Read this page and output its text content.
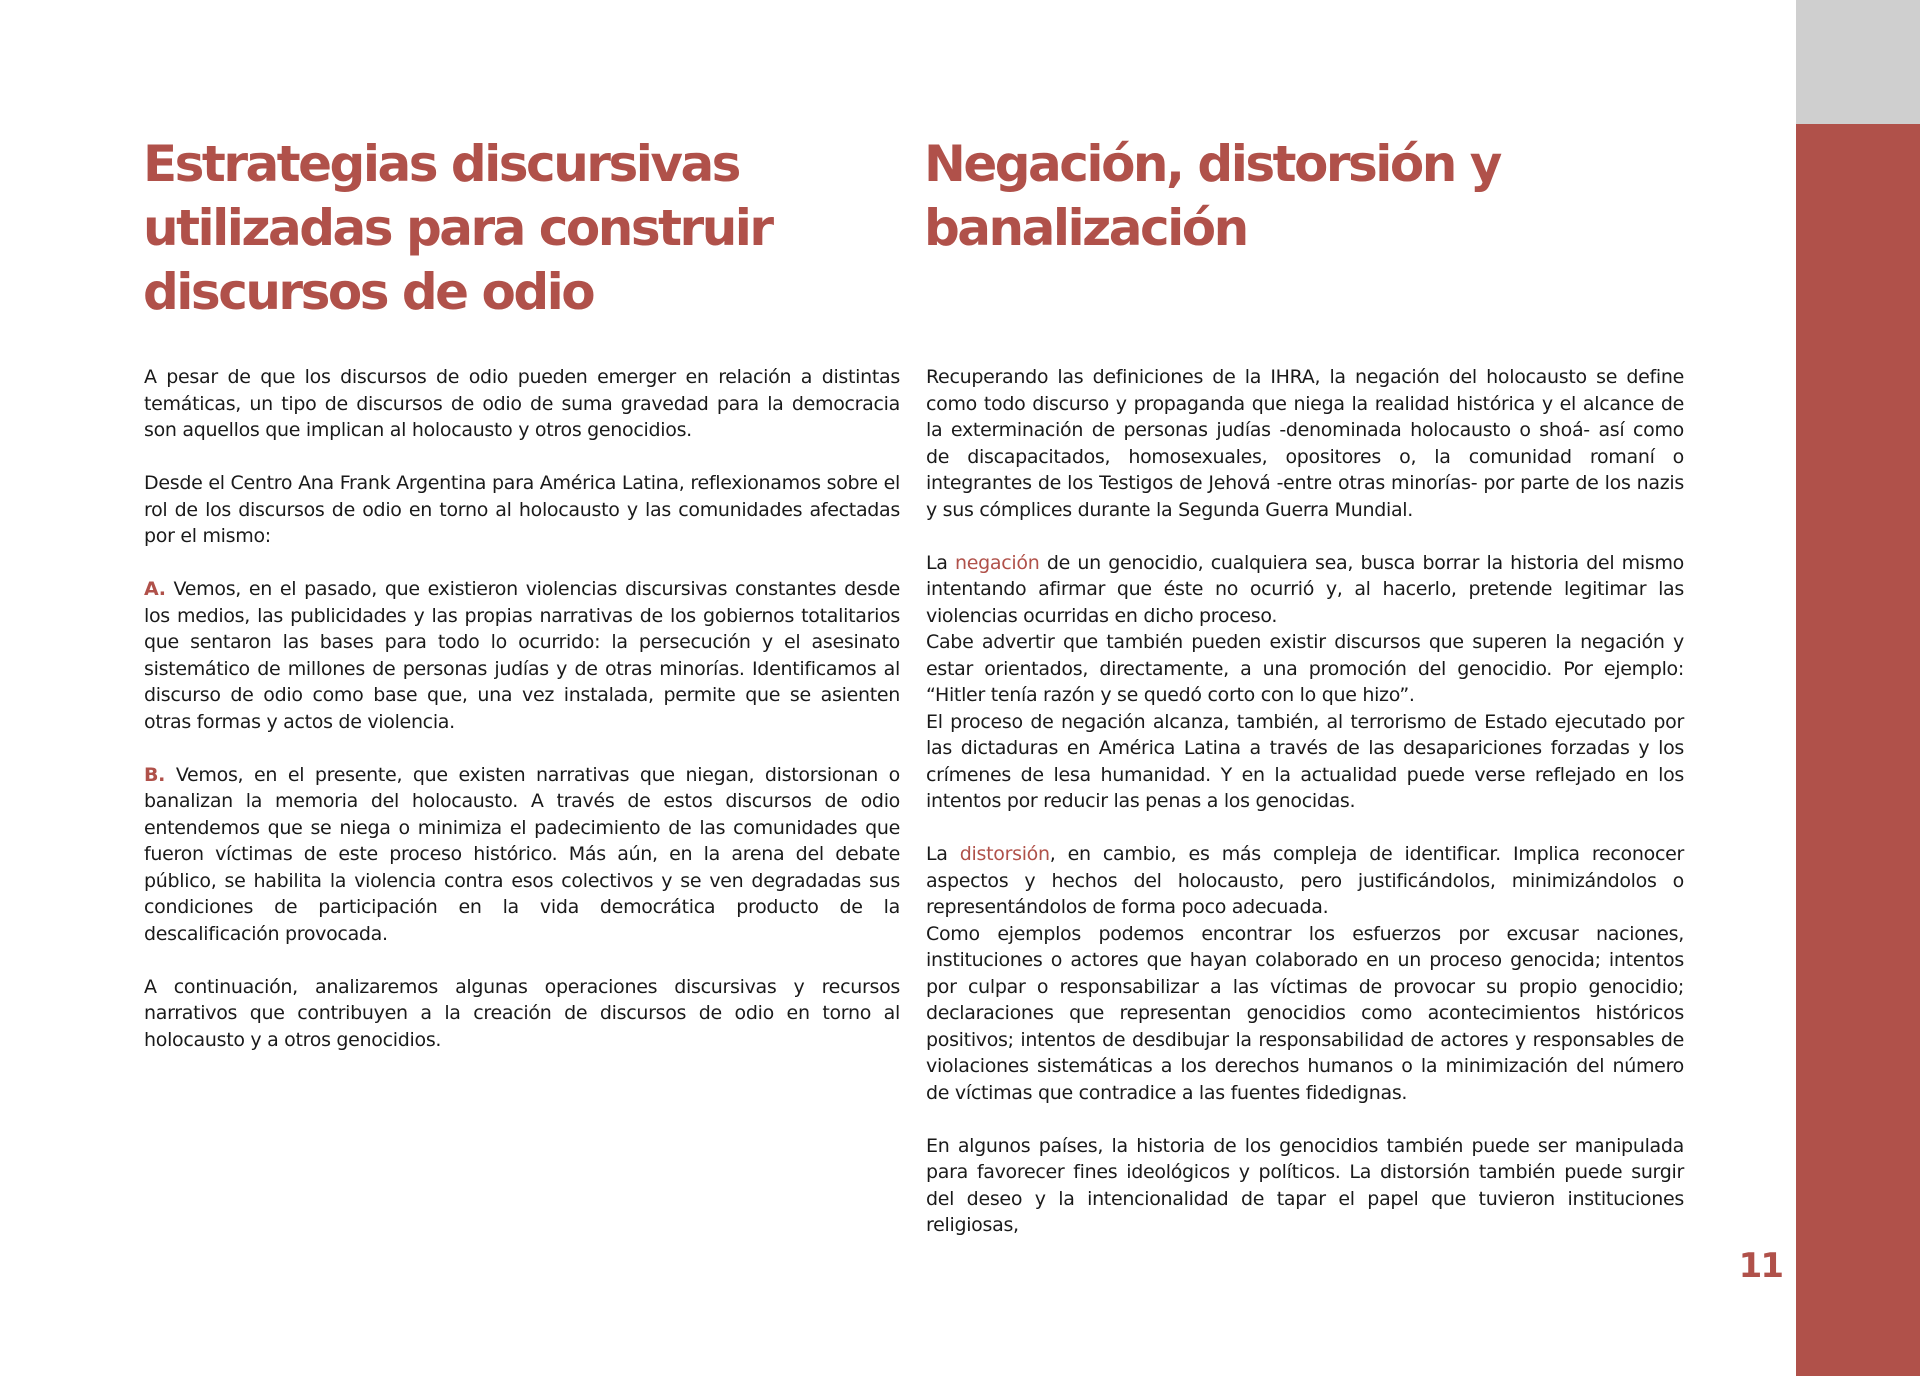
Estrategias discursivas
utilizadas para construir
discursos de odio
Negación, distorsión y
banalización

A pesar de que los discursos de odio pueden emerger en relación a distintas temáticas, un tipo de discursos de odio de suma gravedad para la democracia son aquellos que implican al holocausto y otros genocidios.

Desde el Centro Ana Frank Argentina para América Latina, reflexionamos sobre el rol de los discursos de odio en torno al holocausto y las comunidades afectadas por el mismo:

A. Vemos, en el pasado, que existieron violencias discursivas constantes desde los medios, las publicidades y las propias narrativas de los gobiernos totalitarios que sentaron las bases para todo lo ocurrido: la persecución y el asesinato sistemático de millones de personas judías y de otras minorías. Identificamos al discurso de odio como base que, una vez instalada, permite que se asienten otras formas y actos de violencia.

B. Vemos, en el presente, que existen narrativas que niegan, distorsionan o banalizan la memoria del holocausto. A través de estos discursos de odio entendemos que se niega o minimiza el padecimiento de las comunidades que fueron víctimas de este proceso histórico. Más aún, en la arena del debate público, se habilita la violencia contra esos colectivos y se ven degradadas sus condiciones de participación en la vida democrática producto de la descalificación provocada.

A continuación, analizaremos algunas operaciones discursivas y recursos narrativos que contribuyen a la creación de discursos de odio en torno al holocausto y a otros genocidios.

Recuperando las definiciones de la IHRA, la negación del holocausto se define como todo discurso y propaganda que niega la realidad histórica y el alcance de la exterminación de personas judías -denominada holocausto o shoá- así como de discapacitados, homosexuales, opositores o, la comunidad romaní o integrantes de los Testigos de Jehová -entre otras minorías- por parte de los nazis y sus cómplices durante la Segunda Guerra Mundial.

La negación de un genocidio, cualquiera sea, busca borrar la historia del mismo intentando afirmar que éste no ocurrió y, al hacerlo, pretende legitimar las violencias ocurridas en dicho proceso.

Cabe advertir que también pueden existir discursos que superen la negación y estar orientados, directamente, a una promoción del genocidio. Por ejemplo: “Hitler tenía razón y se quedó corto con lo que hizo”.

El proceso de negación alcanza, también, al terrorismo de Estado ejecutado por las dictaduras en América Latina a través de las desapariciones forzadas y los crímenes de lesa humanidad. Y en la actualidad puede verse reflejado en los intentos por reducir las penas a los genocidas.

La distorsión, en cambio, es más compleja de identificar. Implica reconocer aspectos y hechos del holocausto, pero justificándolos, minimizándolos o representándolos de forma poco adecuada.

Como ejemplos podemos encontrar los esfuerzos por excusar naciones, instituciones o actores que hayan colaborado en un proceso genocida; intentos por culpar o responsabilizar a las víctimas de provocar su propio genocidio; declaraciones que representan genocidios como acontecimientos históricos positivos; intentos de desdibujar la responsabilidad de actores y responsables de violaciones sistemáticas a los derechos humanos o la minimización del número de víctimas que contradice a las fuentes fidedignas.

En algunos países, la historia de los genocidios también puede ser manipulada para favorecer fines ideológicos y políticos. La distorsión también puede surgir del deseo y la intencionalidad de tapar el papel que tuvieron instituciones religiosas,

11
